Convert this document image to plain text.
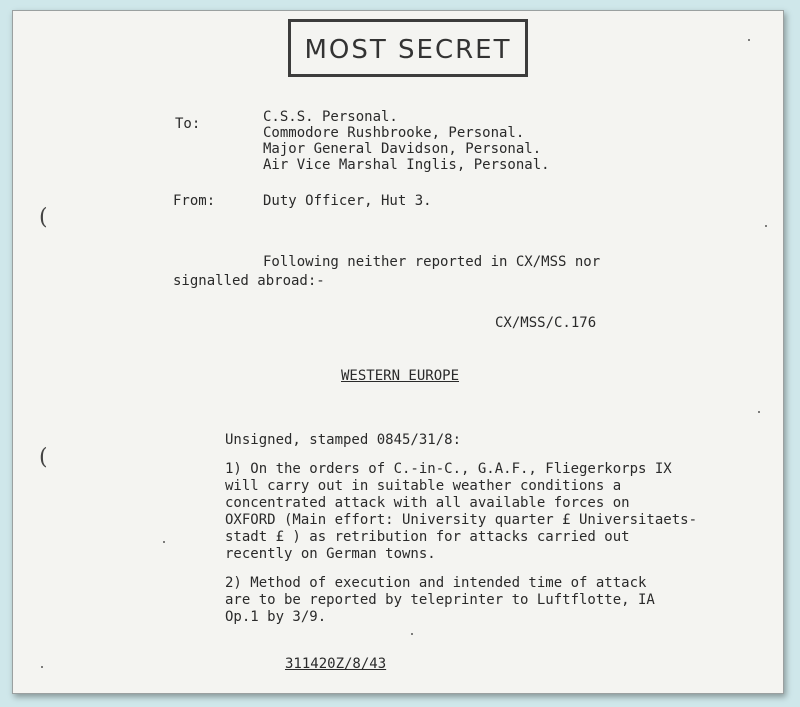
MOST SECRET
To:	C.S.S. Personal.
Commodore Rushbrooke, Personal.
Major General Davidson, Personal.
Air Vice Marshal Inglis, Personal.
From:	Duty Officer, Hut 3.
Following neither reported in CX/MSS nor
signalled abroad:-
CX/MSS/C.176
WESTERN EUROPE
Unsigned, stamped 0845/31/8:
1) On the orders of C.-in-C., G.A.F., Fliegerkorps IX
will carry out in suitable weather conditions a
concentrated attack with all available forces on
OXFORD (Main effort: University quarter £ Universitaets-
stadt £ ) as retribution for attacks carried out
recently on German towns.
2) Method of execution and intended time of attack
are to be reported by teleprinter to Luftflotte, IA
Op.1 by 3/9.
311420Z/8/43
(
(
